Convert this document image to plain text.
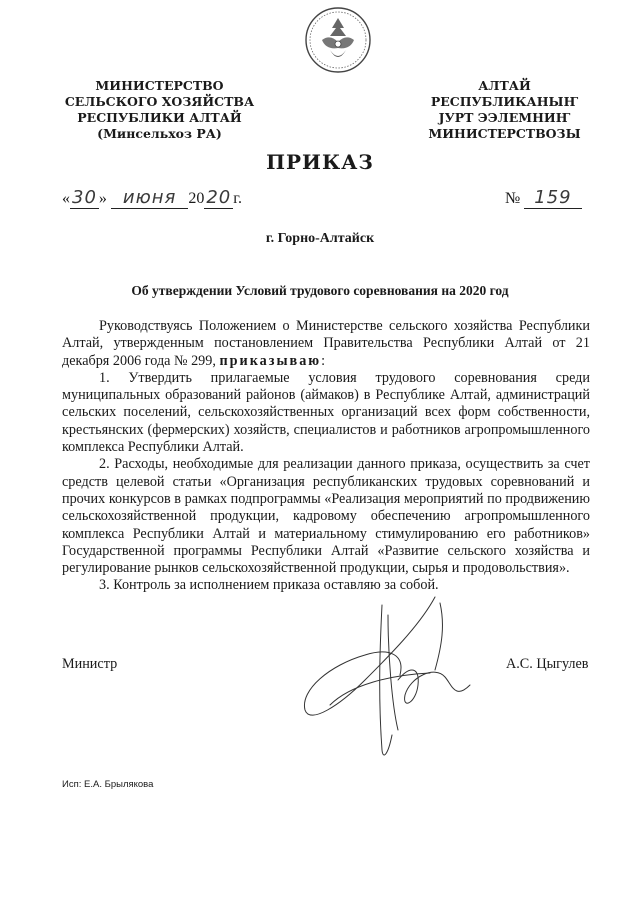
МИНИСТЕРСТВО
СЕЛЬСКОГО ХОЗЯЙСТВА
РЕСПУБЛИКИ АЛТАЙ
(Минсельхоз РА)
АЛТАЙ
РЕСПУБЛИКАНЫҤ
ЈУРТ ЭЭЛЕМНИҤ
МИНИСТЕРСТВОЗЫ
ПРИКАЗ
« 30 » июня 20 20 г.	№ 159
г. Горно-Алтайск
Об утверждении Условий трудового соревнования на 2020 год

Руководствуясь Положением о Министерстве сельского хозяйства Республики Алтай, утвержденным постановлением Правительства Республики Алтай от 21 декабря 2006 года № 299, приказываю:

1. Утвердить прилагаемые условия трудового соревнования среди муниципальных образований районов (аймаков) в Республике Алтай, администраций сельских поселений, сельскохозяйственных организаций всех форм собственности, крестьянских (фермерских) хозяйств, специалистов и работников агропромышленного комплекса Республики Алтай.

2. Расходы, необходимые для реализации данного приказа, осуществить за счет средств целевой статьи «Организация республиканских трудовых соревнований и прочих конкурсов в рамках подпрограммы «Реализация мероприятий по продвижению сельскохозяйственной продукции, кадровому обеспечению агропромышленного комплекса Республики Алтай и материальному стимулированию его работников» Государственной программы Республики Алтай «Развитие сельского хозяйства и регулирование рынков сельскохозяйственной продукции, сырья и продовольствия».

3. Контроль за исполнением приказа оставляю за собой.

Министр	А.С. Цыгулев
Исп: Е.А. Брылякова
